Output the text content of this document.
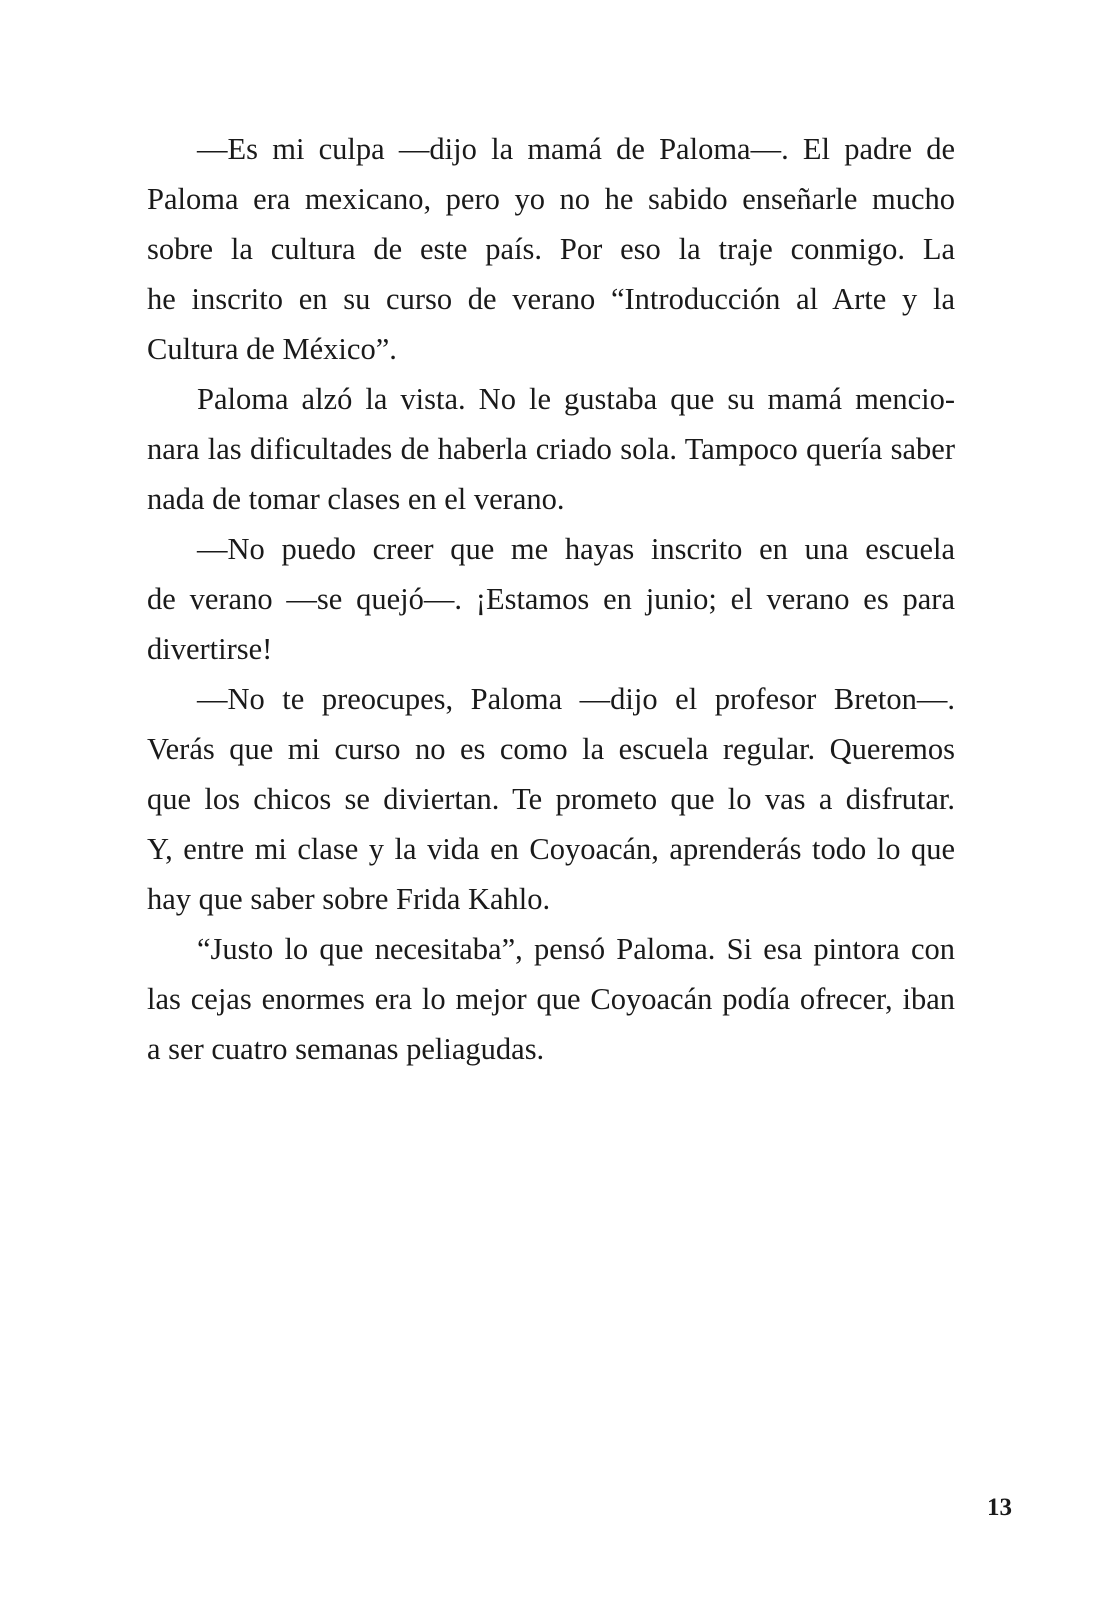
—Es mi culpa —dijo la mamá de Paloma—. El padre de

Paloma era mexicano, pero yo no he sabido enseñarle mucho

sobre la cultura de este país. Por eso la traje conmigo. La

he inscrito en su curso de verano “Introducción al Arte y la

Cultura de México”.

Paloma alzó la vista. No le gustaba que su mamá mencio-

nara las dificultades de haberla criado sola. Tampoco quería saber

nada de tomar clases en el verano.

—No puedo creer que me hayas inscrito en una escuela

de verano —se quejó—. ¡Estamos en junio; el verano es para

divertirse!

—No te preocupes, Paloma —dijo el profesor Breton—.

Verás que mi curso no es como la escuela regular. Queremos

que los chicos se diviertan. Te prometo que lo vas a disfrutar.

Y, entre mi clase y la vida en Coyoacán, aprenderás todo lo que

hay que saber sobre Frida Kahlo.

“Justo lo que necesitaba”, pensó Paloma. Si esa pintora con

las cejas enormes era lo mejor que Coyoacán podía ofrecer, iban

a ser cuatro semanas peliagudas.

13
